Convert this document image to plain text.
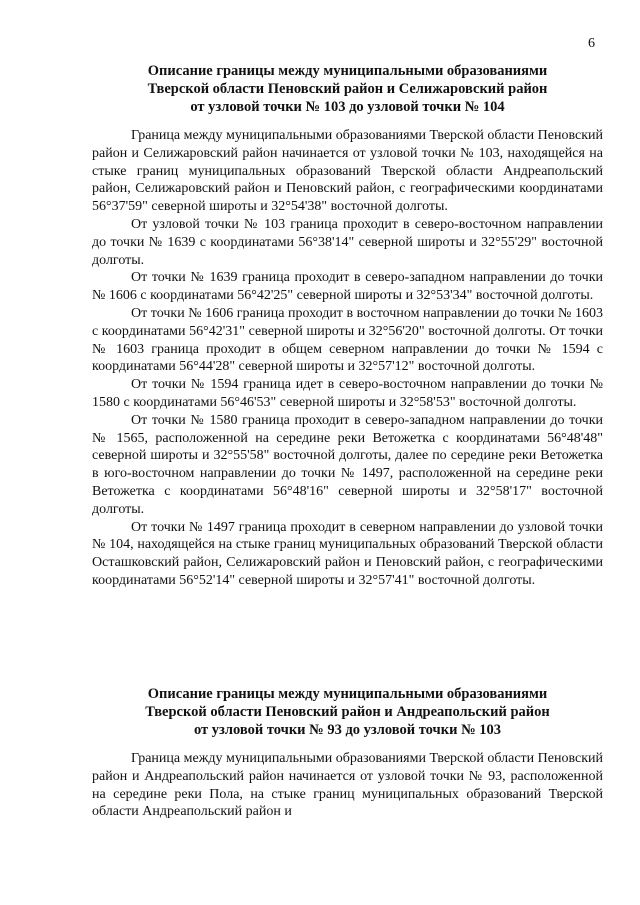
6
Описание границы между муниципальными образованиями
Тверской области Пеновский район и Селижаровский район
от узловой точки № 103 до узловой точки № 104

Граница между муниципальными образованиями Тверской области Пеновский район и Селижаровский район начинается от узловой точки № 103, находящейся на стыке границ муниципальных образований Тверской области Андреапольский район, Селижаровский район и Пеновский район, с географическими координатами 56°37'59" северной широты и 32°54'38" восточной долготы.

От узловой точки № 103 граница проходит в северо-восточном направлении до точки № 1639 с координатами 56°38'14" северной широты и 32°55'29" восточной долготы.

От точки № 1639 граница проходит в северо-западном направлении до точки № 1606 с координатами 56°42'25" северной широты и 32°53'34" восточной долготы.

От точки № 1606 граница проходит в восточном направлении до точки № 1603 с координатами 56°42'31" северной широты и 32°56'20" восточной долготы. От точки № 1603 граница проходит в общем северном направлении до точки № 1594 с координатами 56°44'28" северной широты и 32°57'12" восточной долготы.

От точки № 1594 граница идет в северо-восточном направлении до точки № 1580 с координатами 56°46'53" северной широты и 32°58'53" восточной долготы.

От точки № 1580 граница проходит в северо-западном направлении до точки № 1565, расположенной на середине реки Ветожетка с координатами 56°48'48" северной широты и 32°55'58" восточной долготы, далее по середине реки Ветожетка в юго-восточном направлении до точки № 1497, расположенной на середине реки Ветожетка с координатами 56°48'16" северной широты и 32°58'17" восточной долготы.

От точки № 1497 граница проходит в северном направлении до узловой точки № 104, находящейся на стыке границ муниципальных образований Тверской области Осташковский район, Селижаровский район и Пеновский район, с географическими координатами 56°52'14" северной широты и 32°57'41" восточной долготы.

Описание границы между муниципальными образованиями
Тверской области Пеновский район и Андреапольский район
от узловой точки № 93 до узловой точки № 103

Граница между муниципальными образованиями Тверской области Пеновский район и Андреапольский район начинается от узловой точки № 93, расположенной на середине реки Пола, на стыке границ муниципальных образований Тверской области Андреапольский район и
